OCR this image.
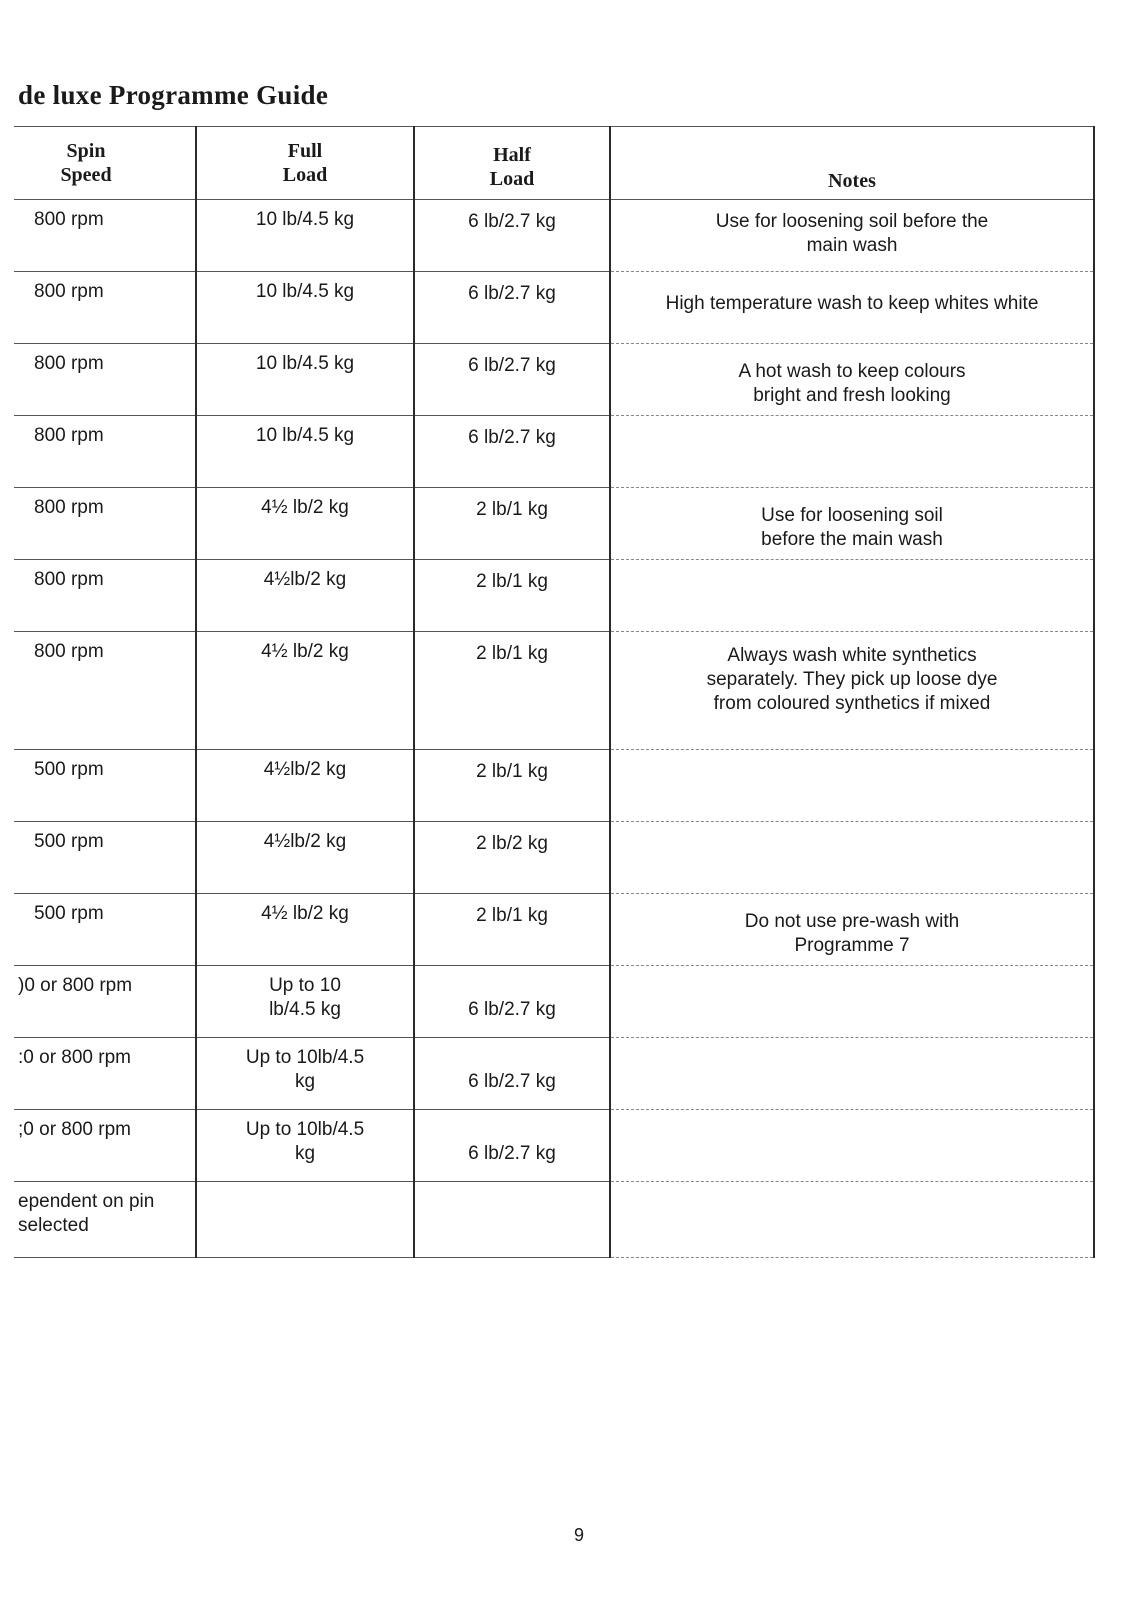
de luxe Programme Guide
Spin Speed	Full Load	Half Load	Notes

800 rpm	10 lb/4.5 kg	6 lb/2.7 kg	Use for loosening soil before the main wash

800 rpm	10 lb/4.5 kg	6 lb/2.7 kg	High temperature wash to keep whites white

800 rpm	10 lb/4.5 kg	6 lb/2.7 kg	A hot wash to keep colours bright and fresh looking

800 rpm	10 lb/4.5 kg	6 lb/2.7 kg	

800 rpm	4½ lb/2 kg	2 lb/1 kg	Use for loosening soil before the main wash

800 rpm	4½lb/2 kg	2 lb/1 kg	

800 rpm	4½ lb/2 kg	2 lb/1 kg	Always wash white synthetics separately. They pick up loose dye from coloured synthetics if mixed

500 rpm	4½lb/2 kg	2 lb/1 kg	

500 rpm	4½lb/2 kg	2 lb/2 kg	

500 rpm	4½ lb/2 kg	2 lb/1 kg	Do not use pre-wash with Programme 7

)0 or 800 rpm	Up to 10 lb/4.5 kg	6 lb/2.7 kg	

:0 or 800 rpm	Up to 10lb/4.5 kg	6 lb/2.7 kg	

;0 or 800 rpm	Up to 10lb/4.5 kg	6 lb/2.7 kg	

ependent on pin selected			

9
